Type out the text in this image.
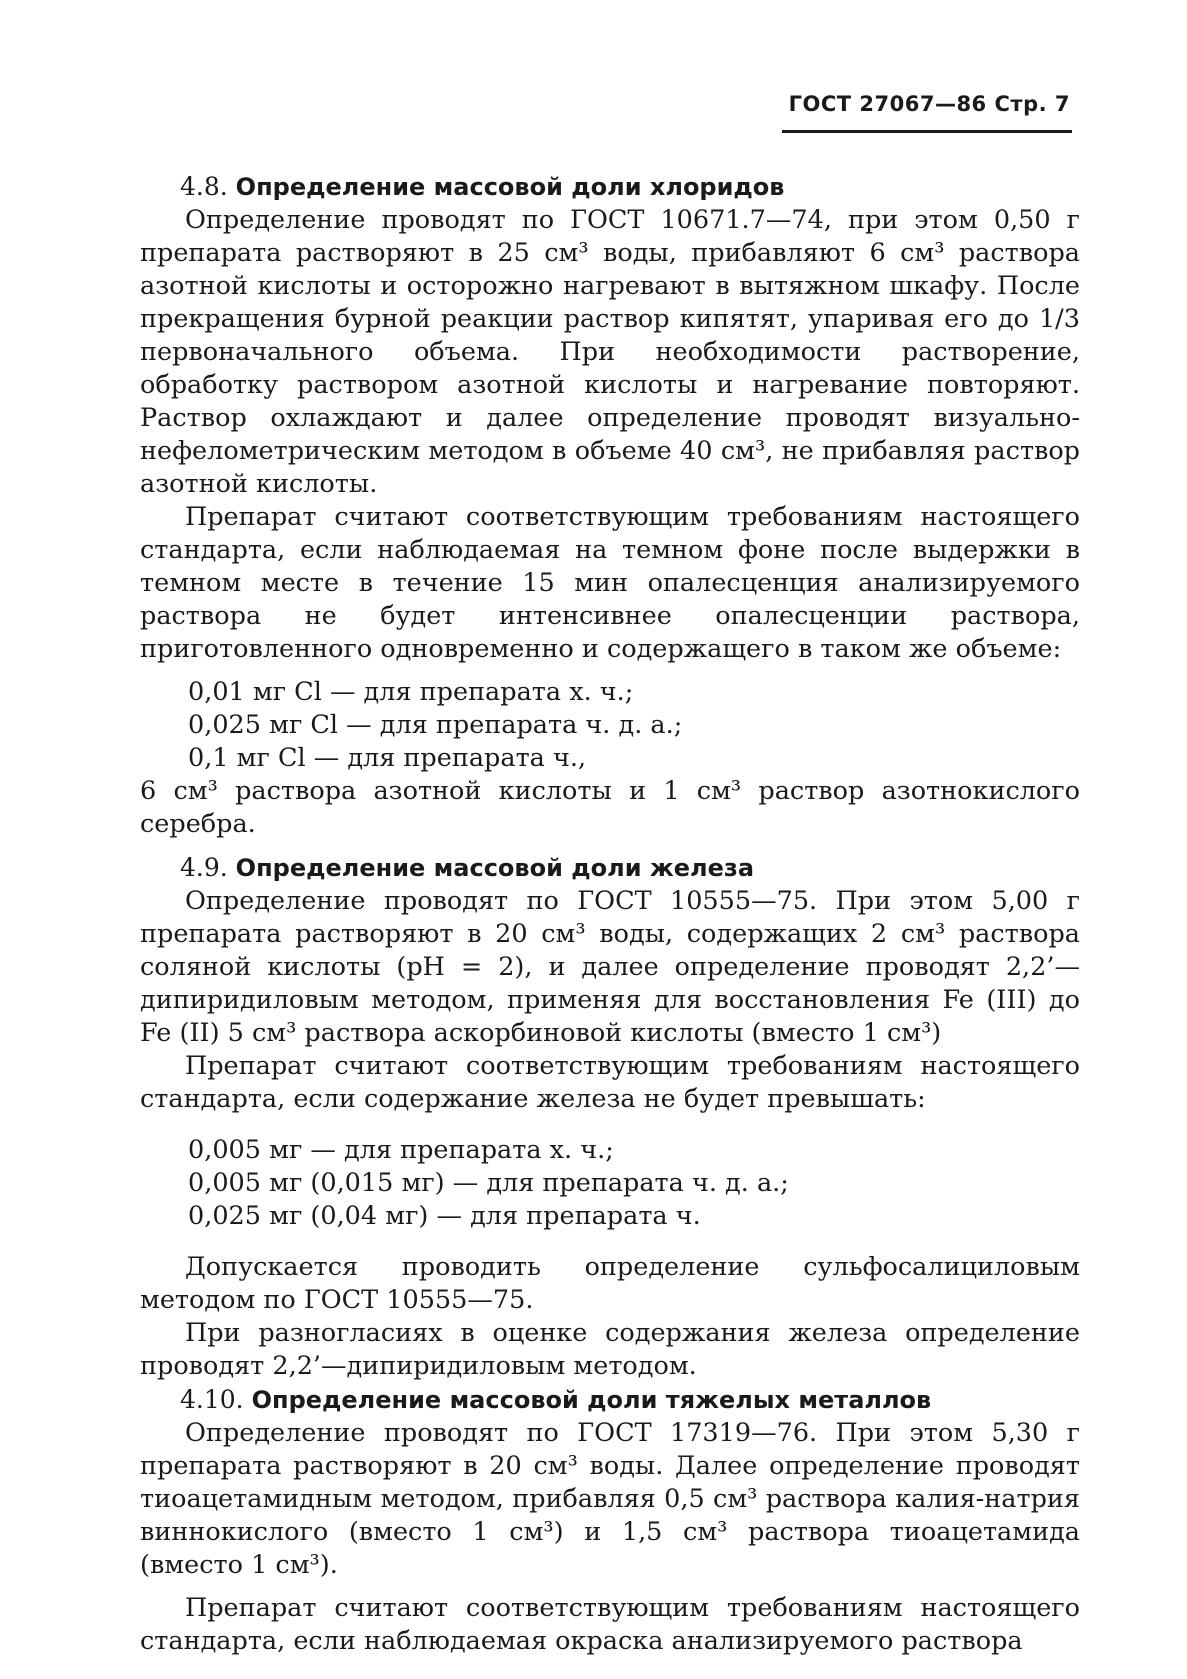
ГОСТ 27067—86 Стр. 7

4.8. Определение массовой доли хлоридов

Определение проводят по ГОСТ 10671.7—74, при этом 0,50 г препарата растворяют в 25 см³ воды, прибавляют 6 см³ раствора азотной кислоты и осторожно нагревают в вытяжном шкафу. После прекращения бурной реакции раствор кипятят, упаривая его до 1/3 первоначального объема. При необходимости растворение, обработку раствором азотной кислоты и нагревание повторяют. Раствор охлаждают и далее определение проводят визуально-нефелометрическим методом в объеме 40 см³, не прибавляя раствор азотной кислоты.

Препарат считают соответствующим требованиям настоящего стандарта, если наблюдаемая на темном фоне после выдержки в темном месте в течение 15 мин опалесценция анализируемого раствора не будет интенсивнее опалесценции раствора, приготовленного одновременно и содержащего в таком же объеме:

0,01 мг Cl — для препарата х. ч.;

0,025 мг Cl — для препарата ч. д. а.;

0,1 мг Cl — для препарата ч.,

6 см³ раствора азотной кислоты и 1 см³ раствор азотнокислого серебра.

4.9. Определение массовой доли железа

Определение проводят по ГОСТ 10555—75. При этом 5,00 г препарата растворяют в 20 см³ воды, содержащих 2 см³ раствора соляной кислоты (pH = 2), и далее определение проводят 2,2’—дипиридиловым методом, применяя для восстановления Fe (III) до Fe (II) 5 см³ раствора аскорбиновой кислоты (вместо 1 см³)

Препарат считают соответствующим требованиям настоящего стандарта, если содержание железа не будет превышать:

0,005 мг — для препарата х. ч.;

0,005 мг (0,015 мг) — для препарата ч. д. а.;

0,025 мг (0,04 мг) — для препарата ч.

Допускается проводить определение сульфосалициловым методом по ГОСТ 10555—75.

При разногласиях в оценке содержания железа определение проводят 2,2’—дипиридиловым методом.

4.10. Определение массовой доли тяжелых металлов

Определение проводят по ГОСТ 17319—76. При этом 5,30 г препарата растворяют в 20 см³ воды. Далее определение проводят тиоацетамидным методом, прибавляя 0,5 см³ раствора калия-натрия виннокислого (вместо 1 см³) и 1,5 см³ раствора тиоацетамида (вместо 1 см³).

Препарат считают соответствующим требованиям настоящего стандарта, если наблюдаемая окраска анализируемого раствора
